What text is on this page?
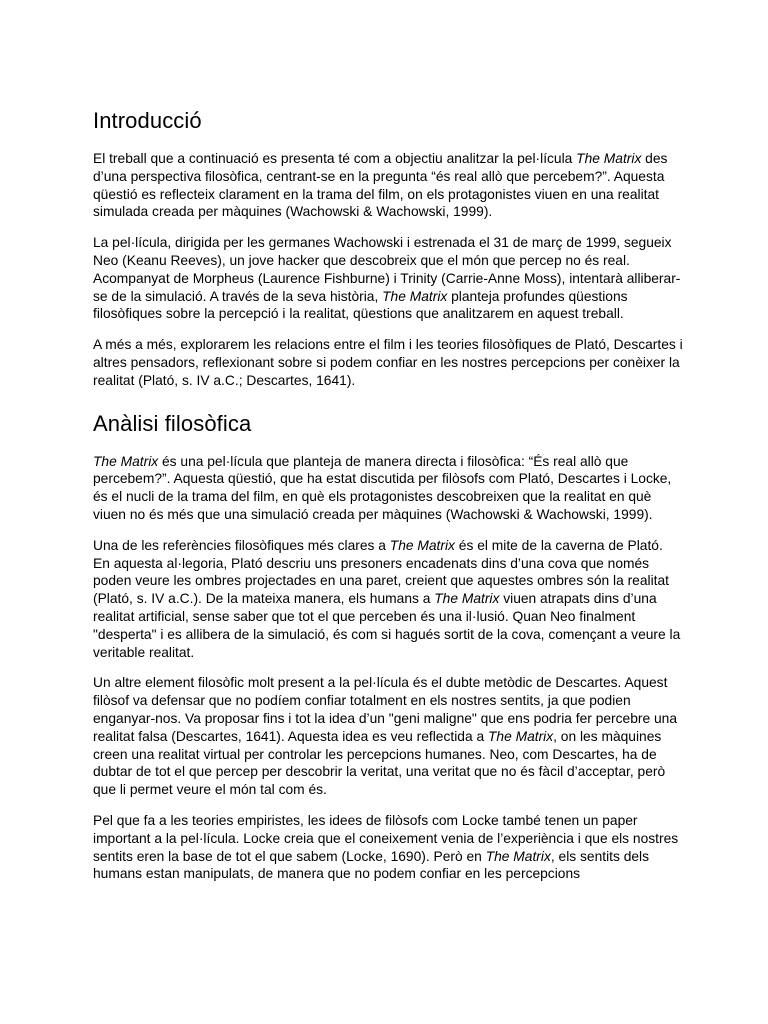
Introducció

El treball que a continuació es presenta té com a objectiu analitzar la pel·lícula The Matrix des d’una perspectiva filosòfica, centrant-se en la pregunta “és real allò que percebem?”. Aquesta qüestió es reflecteix clarament en la trama del film, on els protagonistes viuen en una realitat simulada creada per màquines (Wachowski & Wachowski, 1999).

La pel·lícula, dirigida per les germanes Wachowski i estrenada el 31 de març de 1999, segueix Neo (Keanu Reeves), un jove hacker que descobreix que el món que percep no és real. Acompanyat de Morpheus (Laurence Fishburne) i Trinity (Carrie-Anne Moss), intentarà alliberar-se de la simulació. A través de la seva història, The Matrix planteja profundes qüestions filosòfiques sobre la percepció i la realitat, qüestions que analitzarem en aquest treball.

A més a més, explorarem les relacions entre el film i les teories filosòfiques de Plató, Descartes i altres pensadors, reflexionant sobre si podem confiar en les nostres percepcions per conèixer la realitat (Plató, s. IV a.C.; Descartes, 1641).

Anàlisi filosòfica

The Matrix és una pel·lícula que planteja de manera directa i filosòfica: “És real allò que percebem?”. Aquesta qüestió, que ha estat discutida per filòsofs com Plató, Descartes i Locke, és el nucli de la trama del film, en què els protagonistes descobreixen que la realitat en què viuen no és més que una simulació creada per màquines (Wachowski & Wachowski, 1999).

Una de les referències filosòfiques més clares a The Matrix és el mite de la caverna de Plató. En aquesta al·legoria, Plató descriu uns presoners encadenats dins d’una cova que només poden veure les ombres projectades en una paret, creient que aquestes ombres són la realitat (Plató, s. IV a.C.). De la mateixa manera, els humans a The Matrix viuen atrapats dins d’una realitat artificial, sense saber que tot el que perceben és una il·lusió. Quan Neo finalment "desperta" i es allibera de la simulació, és com si hagués sortit de la cova, començant a veure la veritable realitat.

Un altre element filosòfic molt present a la pel·lícula és el dubte metòdic de Descartes. Aquest filòsof va defensar que no podíem confiar totalment en els nostres sentits, ja que podien enganyar-nos. Va proposar fins i tot la idea d’un "geni maligne" que ens podria fer percebre una realitat falsa (Descartes, 1641). Aquesta idea es veu reflectida a The Matrix, on les màquines creen una realitat virtual per controlar les percepcions humanes. Neo, com Descartes, ha de dubtar de tot el que percep per descobrir la veritat, una veritat que no és fàcil d’acceptar, però que li permet veure el món tal com és.

Pel que fa a les teories empiristes, les idees de filòsofs com Locke també tenen un paper important a la pel·lícula. Locke creia que el coneixement venia de l’experiència i que els nostres sentits eren la base de tot el que sabem (Locke, 1690). Però en The Matrix, els sentits dels humans estan manipulats, de manera que no podem confiar en les percepcions
